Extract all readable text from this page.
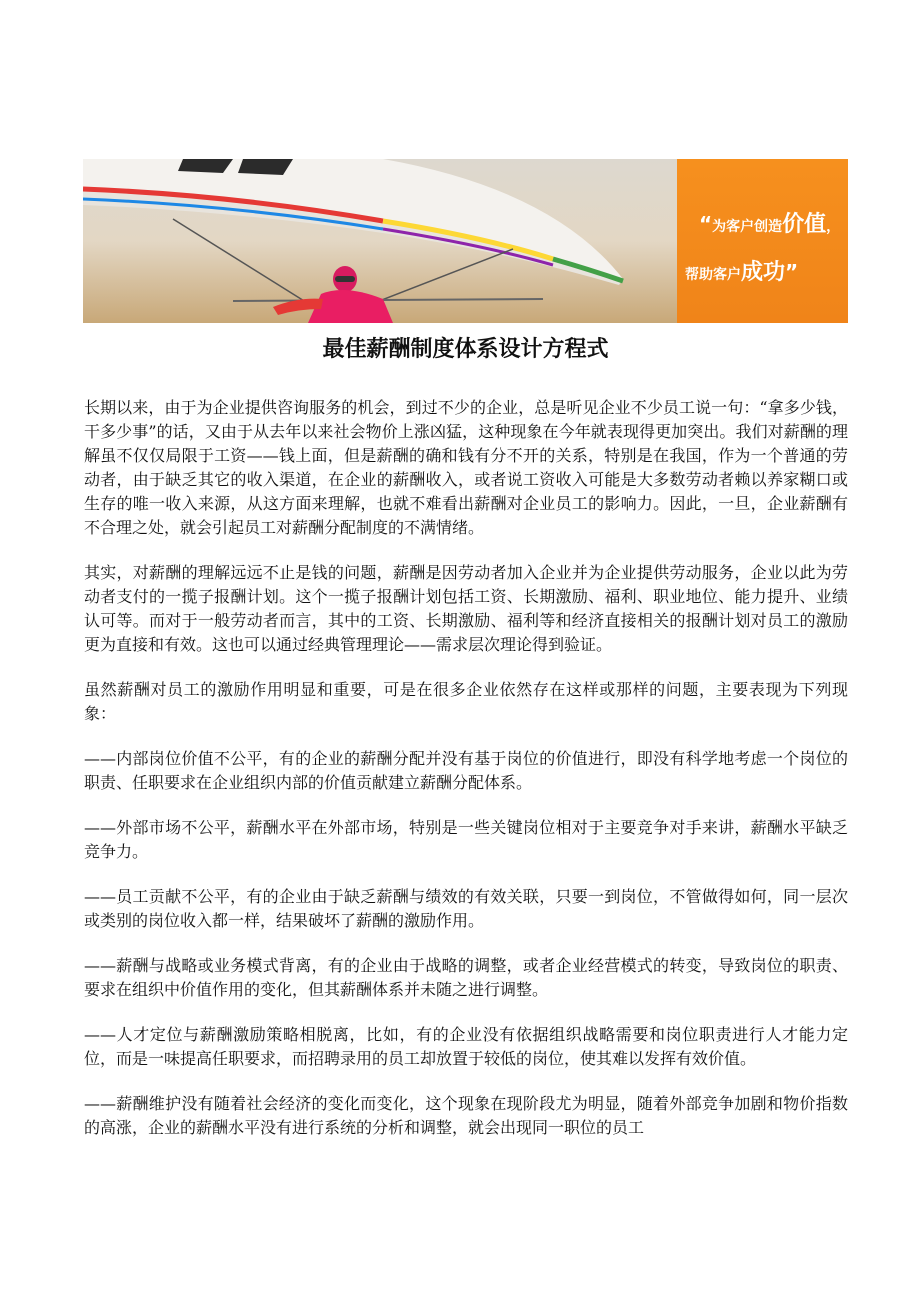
“为客户创造价值，
帮助客户成功”
最佳薪酬制度体系设计方程式

长期以来，由于为企业提供咨询服务的机会，到过不少的企业，总是听见企业不少员工说一句：“拿多少钱，干多少事”的话，又由于从去年以来社会物价上涨凶猛，这种现象在今年就表现得更加突出。我们对薪酬的理解虽不仅仅局限于工资——钱上面，但是薪酬的确和钱有分不开的关系，特别是在我国，作为一个普通的劳动者，由于缺乏其它的收入渠道，在企业的薪酬收入，或者说工资收入可能是大多数劳动者赖以养家糊口或生存的唯一收入来源，从这方面来理解，也就不难看出薪酬对企业员工的影响力。因此，一旦，企业薪酬有不合理之处，就会引起员工对薪酬分配制度的不满情绪。

其实，对薪酬的理解远远不止是钱的问题，薪酬是因劳动者加入企业并为企业提供劳动服务，企业以此为劳动者支付的一揽子报酬计划。这个一揽子报酬计划包括工资、长期激励、福利、职业地位、能力提升、业绩认可等。而对于一般劳动者而言，其中的工资、长期激励、福利等和经济直接相关的报酬计划对员工的激励更为直接和有效。这也可以通过经典管理理论——需求层次理论得到验证。

虽然薪酬对员工的激励作用明显和重要，可是在很多企业依然存在这样或那样的问题，主要表现为下列现象：

——内部岗位价值不公平，有的企业的薪酬分配并没有基于岗位的价值进行，即没有科学地考虑一个岗位的职责、任职要求在企业组织内部的价值贡献建立薪酬分配体系。

——外部市场不公平，薪酬水平在外部市场，特别是一些关键岗位相对于主要竞争对手来讲，薪酬水平缺乏竞争力。

——员工贡献不公平，有的企业由于缺乏薪酬与绩效的有效关联，只要一到岗位，不管做得如何，同一层次或类别的岗位收入都一样，结果破坏了薪酬的激励作用。

——薪酬与战略或业务模式背离，有的企业由于战略的调整，或者企业经营模式的转变，导致岗位的职责、要求在组织中价值作用的变化，但其薪酬体系并未随之进行调整。

——人才定位与薪酬激励策略相脱离，比如，有的企业没有依据组织战略需要和岗位职责进行人才能力定位，而是一味提高任职要求，而招聘录用的员工却放置于较低的岗位，使其难以发挥有效价值。

——薪酬维护没有随着社会经济的变化而变化，这个现象在现阶段尤为明显，随着外部竞争加剧和物价指数的高涨，企业的薪酬水平没有进行系统的分析和调整，就会出现同一职位的员工
